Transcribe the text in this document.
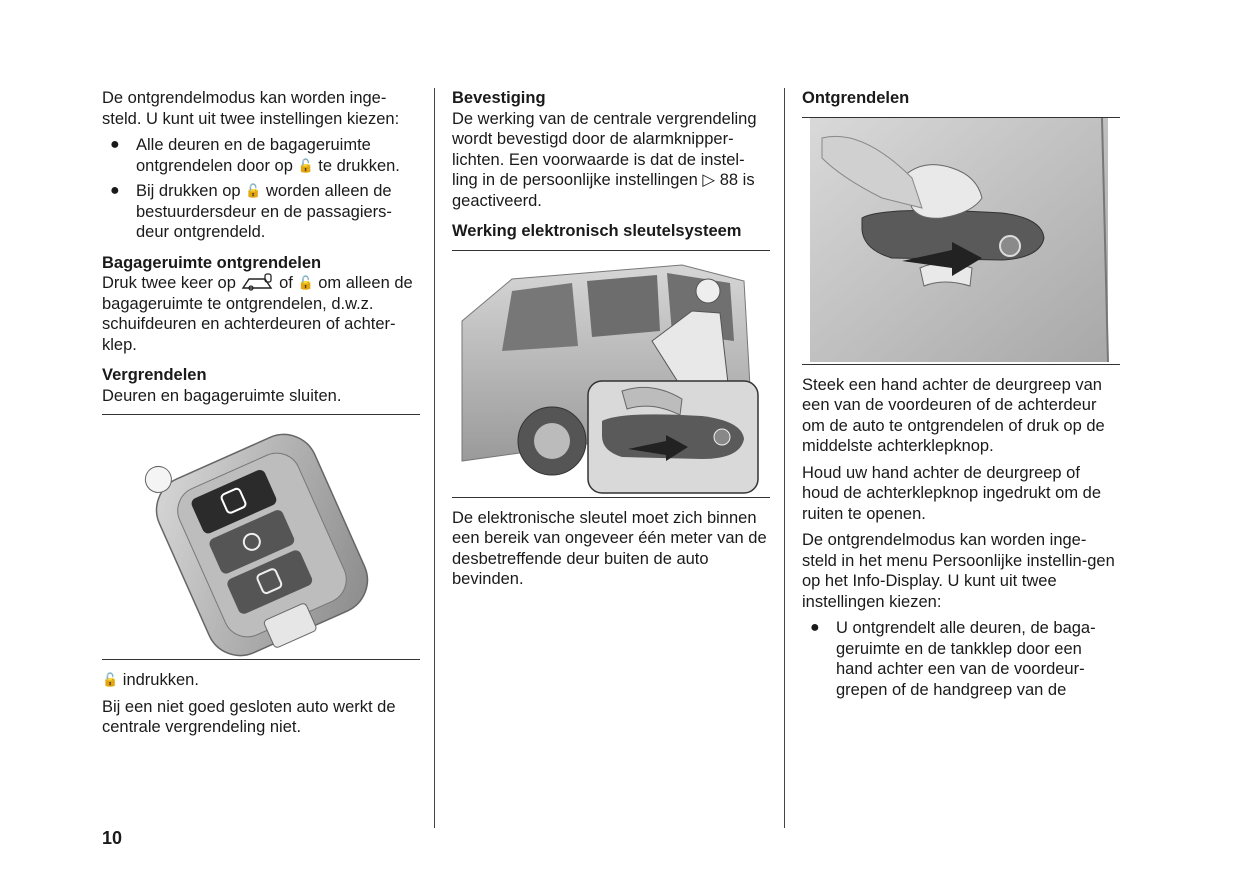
De ontgrendelmodus kan worden inge-steld. U kunt uit twee instellingen kiezen:

● Alle deuren en de bagageruimte ontgrendelen door op 🔓 te drukken.
● Bij drukken op 🔓 worden alleen de bestuurdersdeur en de passagiers-deur ontgrendeld.
Bagageruimte ontgrendelen

Druk twee keer op	of 🔓 om alleen de bagageruimte te ontgrendelen, d.w.z. schuifdeuren en achterdeuren of achter-klep.

Vergrendelen

Deuren en bagageruimte sluiten.

🔓 indrukken.

Bij een niet goed gesloten auto werkt de centrale vergrendeling niet.

Bevestiging

De werking van de centrale vergrendeling wordt bevestigd door de alarmknipper-lichten. Een voorwaarde is dat de instel-ling in de persoonlijke instellingen ▷ 88 is geactiveerd.

Werking elektronisch sleutelsysteem

De elektronische sleutel moet zich binnen een bereik van ongeveer één meter van de desbetreffende deur buiten de auto bevinden.

Ontgrendelen

Steek een hand achter de deurgreep van een van de voordeuren of de achterdeur om de auto te ontgrendelen of druk op de middelste achterklepknop.

Houd uw hand achter de deurgreep of houd de achterklepknop ingedrukt om de ruiten te openen.

De ontgrendelmodus kan worden inge-steld in het menu Persoonlijke instellin-gen op het Info-Display. U kunt uit twee instellingen kiezen:

● U ontgrendelt alle deuren, de baga-geruimte en de tankklep door een hand achter een van de voordeur-grepen of de handgreep van de
10
